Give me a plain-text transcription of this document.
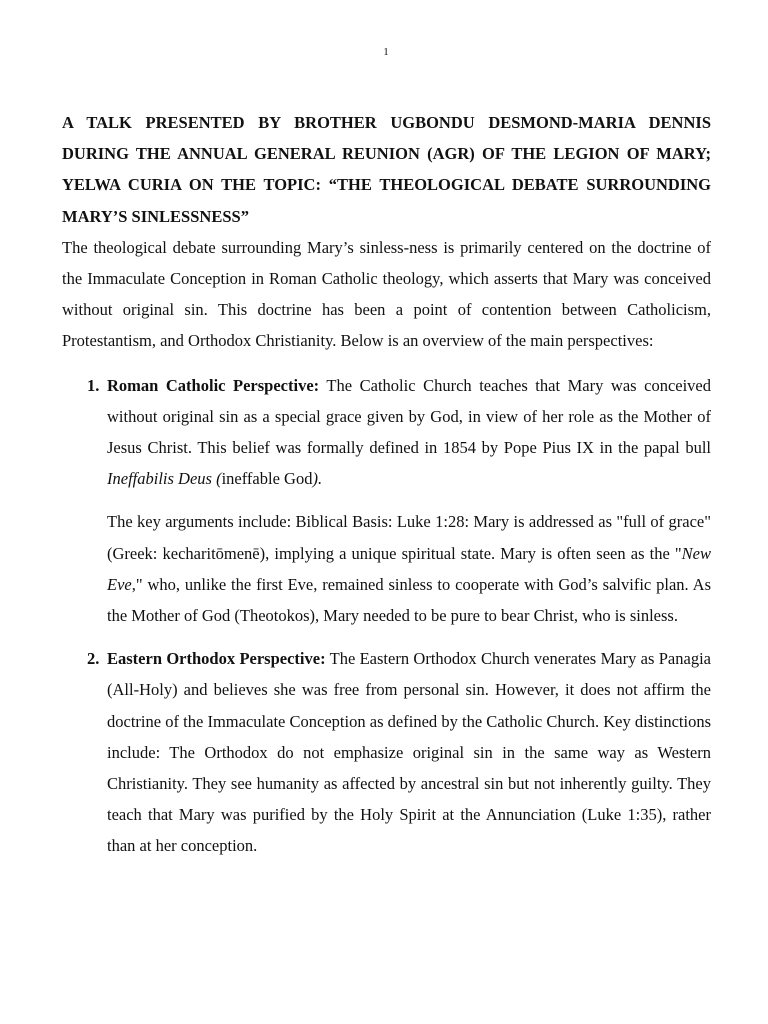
1

A TALK PRESENTED BY BROTHER UGBONDU DESMOND-MARIA DENNIS DURING THE ANNUAL GENERAL REUNION (AGR) OF THE LEGION OF MARY; YELWA CURIA ON THE TOPIC: “THE THEOLOGICAL DEBATE SURROUNDING MARY’S SINLESSNESS”

The theological debate surrounding Mary’s sinless-ness is primarily centered on the doctrine of the Immaculate Conception in Roman Catholic theology, which asserts that Mary was conceived without original sin. This doctrine has been a point of contention between Catholicism, Protestantism, and Orthodox Christianity. Below is an overview of the main perspectives:

1. Roman Catholic Perspective: The Catholic Church teaches that Mary was conceived without original sin as a special grace given by God, in view of her role as the Mother of Jesus Christ. This belief was formally defined in 1854 by Pope Pius IX in the papal bull Ineffabilis Deus (ineffable God).

The key arguments include: Biblical Basis: Luke 1:28: Mary is addressed as "full of grace" (Greek: kecharitōmenē), implying a unique spiritual state. Mary is often seen as the "New Eve," who, unlike the first Eve, remained sinless to cooperate with God’s salvific plan. As the Mother of God (Theotokos), Mary needed to be pure to bear Christ, who is sinless.

2. Eastern Orthodox Perspective: The Eastern Orthodox Church venerates Mary as Panagia (All-Holy) and believes she was free from personal sin. However, it does not affirm the doctrine of the Immaculate Conception as defined by the Catholic Church. Key distinctions include: The Orthodox do not emphasize original sin in the same way as Western Christianity. They see humanity as affected by ancestral sin but not inherently guilty. They teach that Mary was purified by the Holy Spirit at the Annunciation (Luke 1:35), rather than at her conception.
